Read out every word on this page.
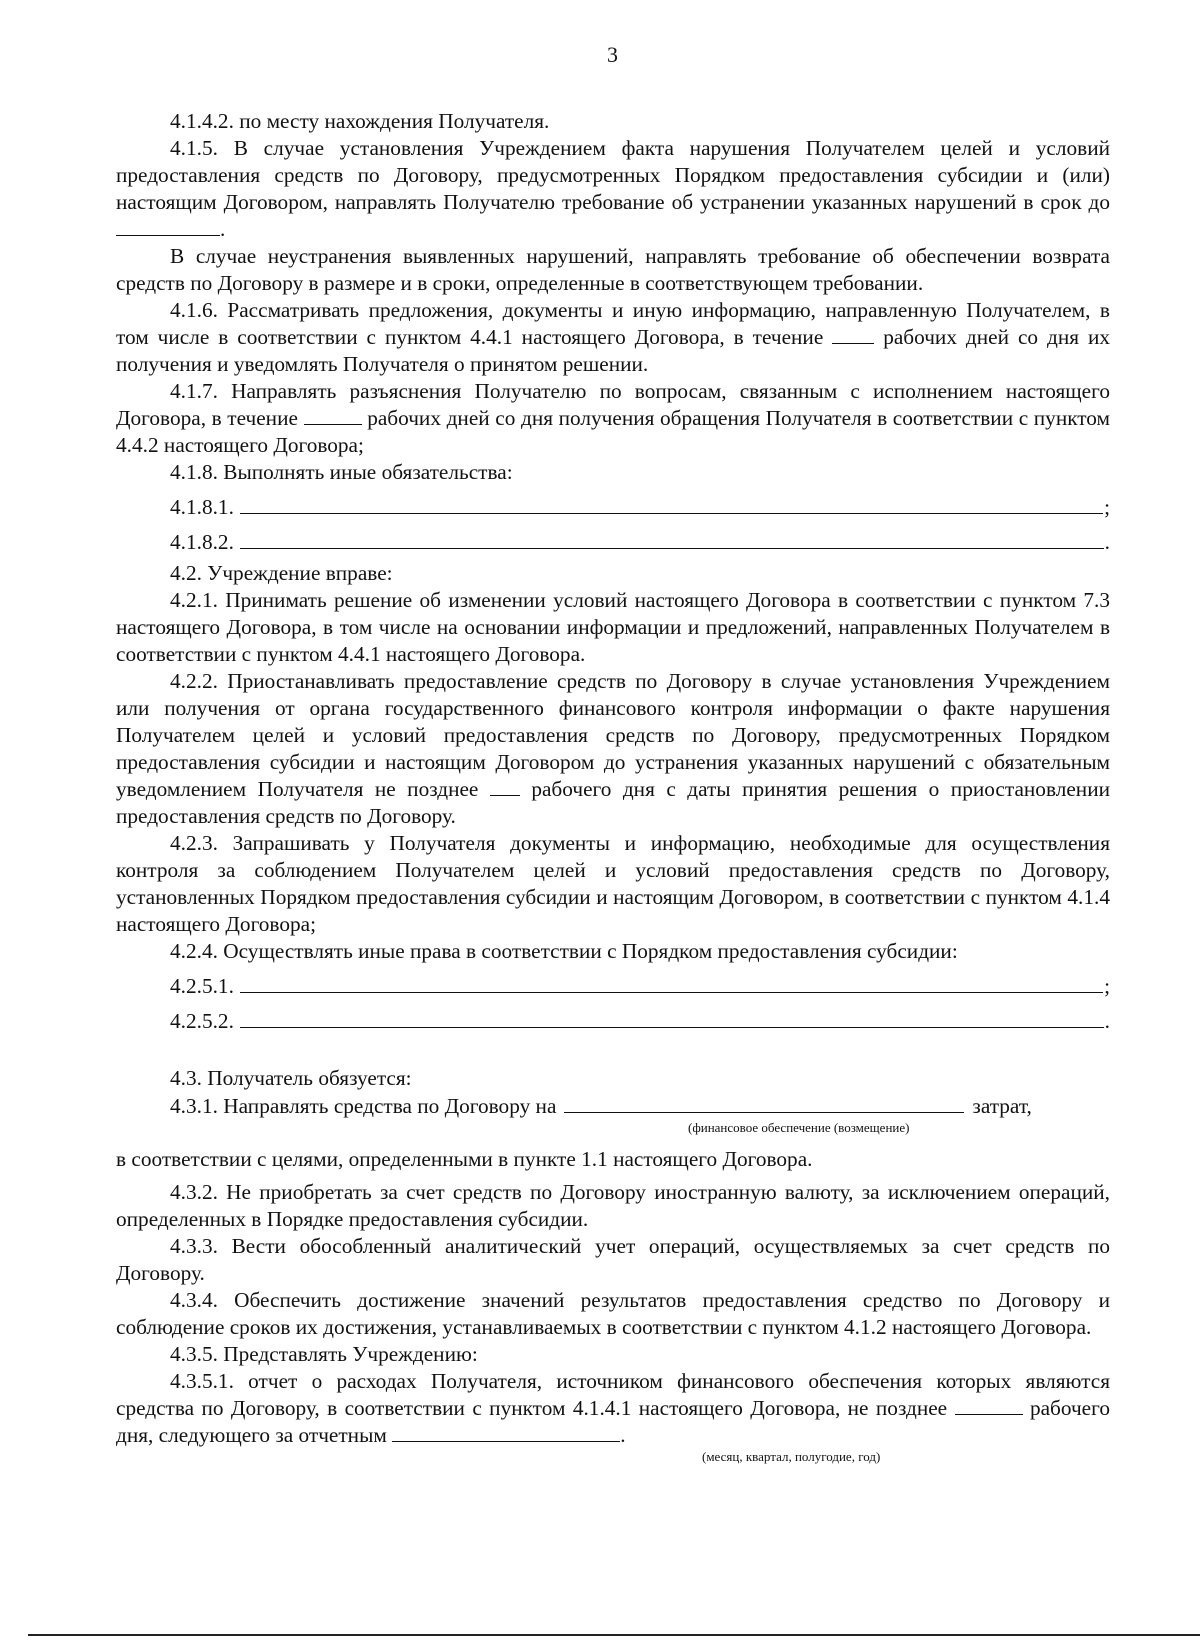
3

4.1.4.2. по месту нахождения Получателя.

4.1.5. В случае установления Учреждением факта нарушения Получателем целей и условий предоставления средств по Договору, предусмотренных Порядком предоставления субсидии и (или) настоящим Договором, направлять Получателю требование об устранении указанных нарушений в срок до .

В случае неустранения выявленных нарушений, направлять требование об обеспечении возврата средств по Договору в размере и в сроки, определенные в соответствующем требовании.

4.1.6. Рассматривать предложения, документы и иную информацию, направленную Получателем, в том числе в соответствии с пунктом 4.4.1 настоящего Договора, в течение	рабочих дней со дня их получения и уведомлять Получателя о принятом решении.

4.1.7. Направлять разъяснения Получателю по вопросам, связанным с исполнением настоящего Договора, в течение	рабочих дней со дня получения обращения Получателя в соответствии с пунктом 4.4.2 настоящего Договора;

4.1.8. Выполнять иные обязательства:

4.1.8.1.	;
4.1.8.2.	.

4.2. Учреждение вправе:

4.2.1. Принимать решение об изменении условий настоящего Договора в соответствии с пунктом 7.3 настоящего Договора, в том числе на основании информации и предложений, направленных Получателем в соответствии с пунктом 4.4.1 настоящего Договора.

4.2.2. Приостанавливать предоставление средств по Договору в случае установления Учреждением или получения от органа государственного финансового контроля информации о факте нарушения Получателем целей и условий предоставления средств по Договору, предусмотренных Порядком предоставления субсидии и настоящим Договором до устранения указанных нарушений с обязательным уведомлением Получателя не позднее рабочего дня с даты принятия решения о приостановлении предоставления средств по Договору.

4.2.3. Запрашивать у Получателя документы и информацию, необходимые для осуществления контроля за соблюдением Получателем целей и условий предоставления средств по Договору, установленных Порядком предоставления субсидии и настоящим Договором, в соответствии с пунктом 4.1.4 настоящего Договора;

4.2.4. Осуществлять иные права в соответствии с Порядком предоставления субсидии:

4.2.5.1.	;
4.2.5.2.	.

4.3. Получатель обязуется:

4.3.1. Направлять средства по Договору на	затрат,

(финансовое обеспечение (возмещение)

в соответствии с целями, определенными в пункте 1.1 настоящего Договора.

4.3.2. Не приобретать за счет средств по Договору иностранную валюту, за исключением операций, определенных в Порядке предоставления субсидии.

4.3.3. Вести обособленный аналитический учет операций, осуществляемых за счет средств по Договору.

4.3.4. Обеспечить достижение значений результатов предоставления средство по Договору и соблюдение сроков их достижения, устанавливаемых в соответствии с пунктом 4.1.2 настоящего Договора.

4.3.5. Представлять Учреждению:

4.3.5.1. отчет о расходах Получателя, источником финансового обеспечения которых являются средства по Договору, в соответствии с пунктом 4.1.4.1 настоящего Договора, не позднее	рабочего дня, следующего за отчетным	.

(месяц, квартал, полугодие, год)
